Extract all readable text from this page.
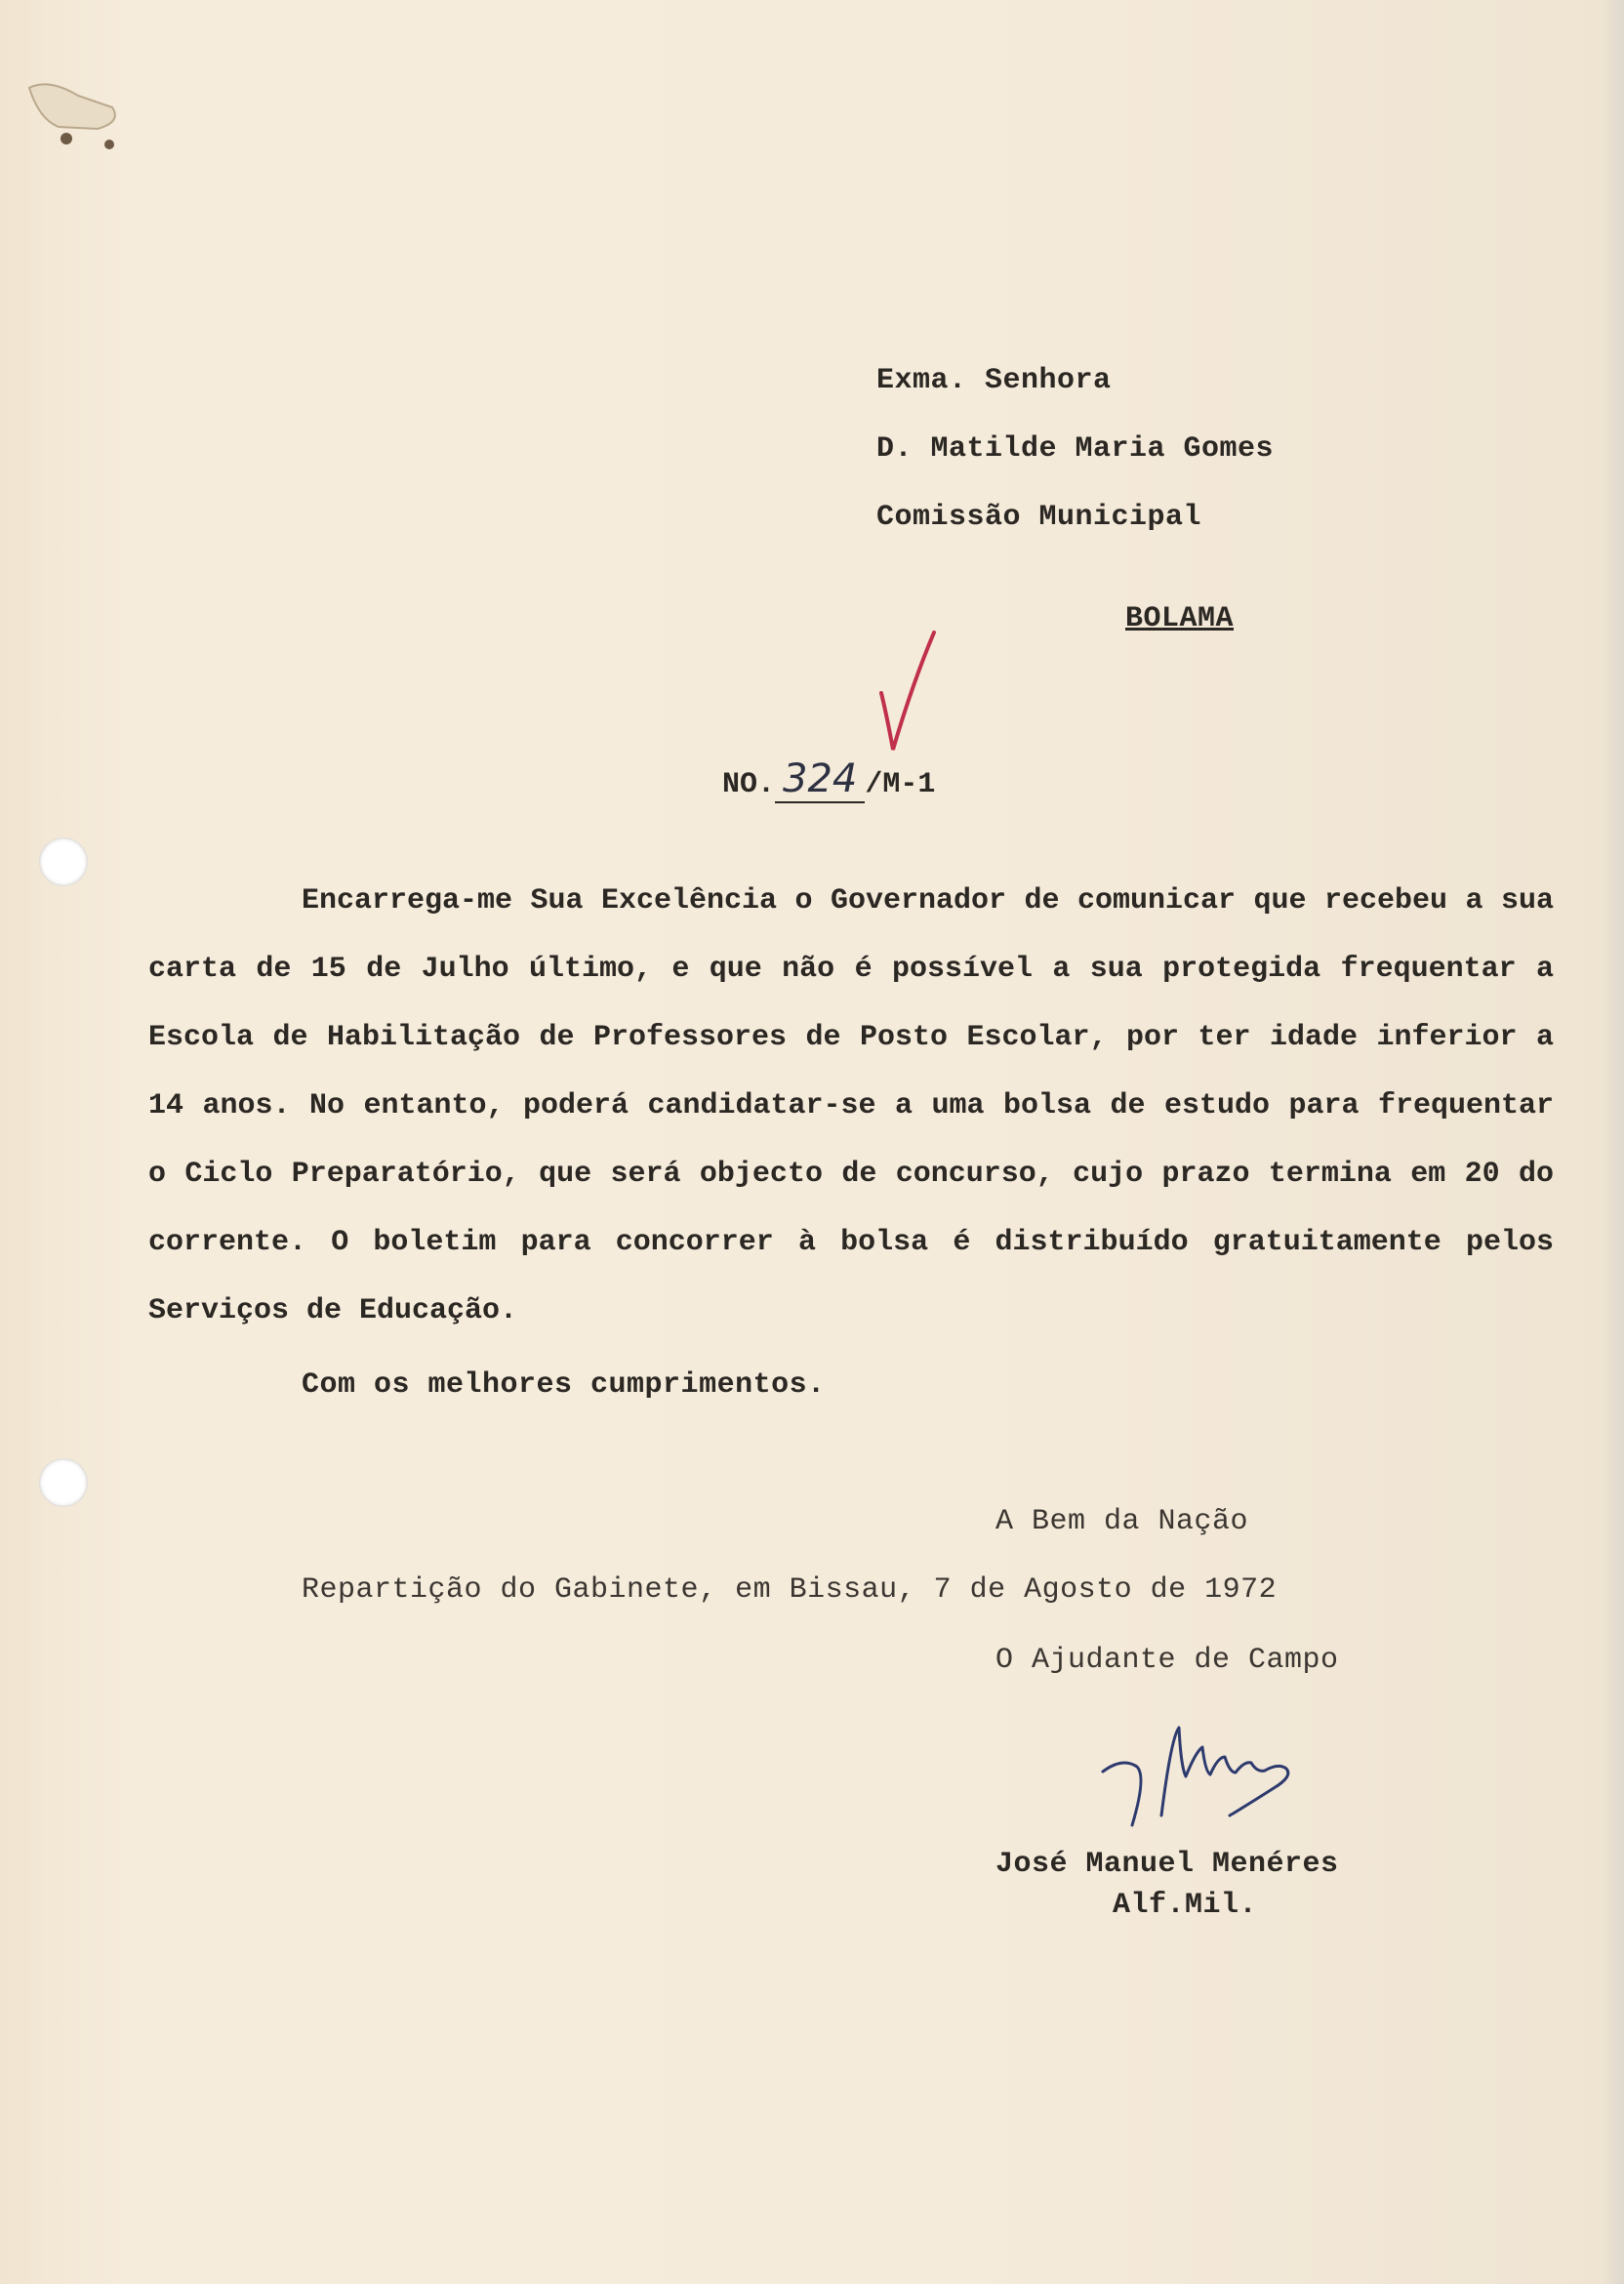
Exma. Senhora
D. Matilde Maria Gomes
Comissão Municipal
BOLAMA
NO. 324 /M-1
Encarrega-me Sua Excelência o Governador de comunicar que recebeu a sua carta de 15 de Julho último, e que não é possível a sua protegida frequentar a Escola de Habilitação de Professores de Posto Escolar, por ter idade inferior a 14 anos. No entanto, poderá candidatar-se a uma bolsa de estudo para frequentar o Ciclo Preparatório, que será objecto de concurso, cujo prazo termina em 20 do corrente. O boletim para concorrer à bolsa é distribuído gratuitamente pelos Serviços de Educação.
Com os melhores cumprimentos.
A Bem da Nação
Repartição do Gabinete, em Bissau, 7 de Agosto de 1972
O Ajudante de Campo
José Manuel Menéres
Alf.Mil.
